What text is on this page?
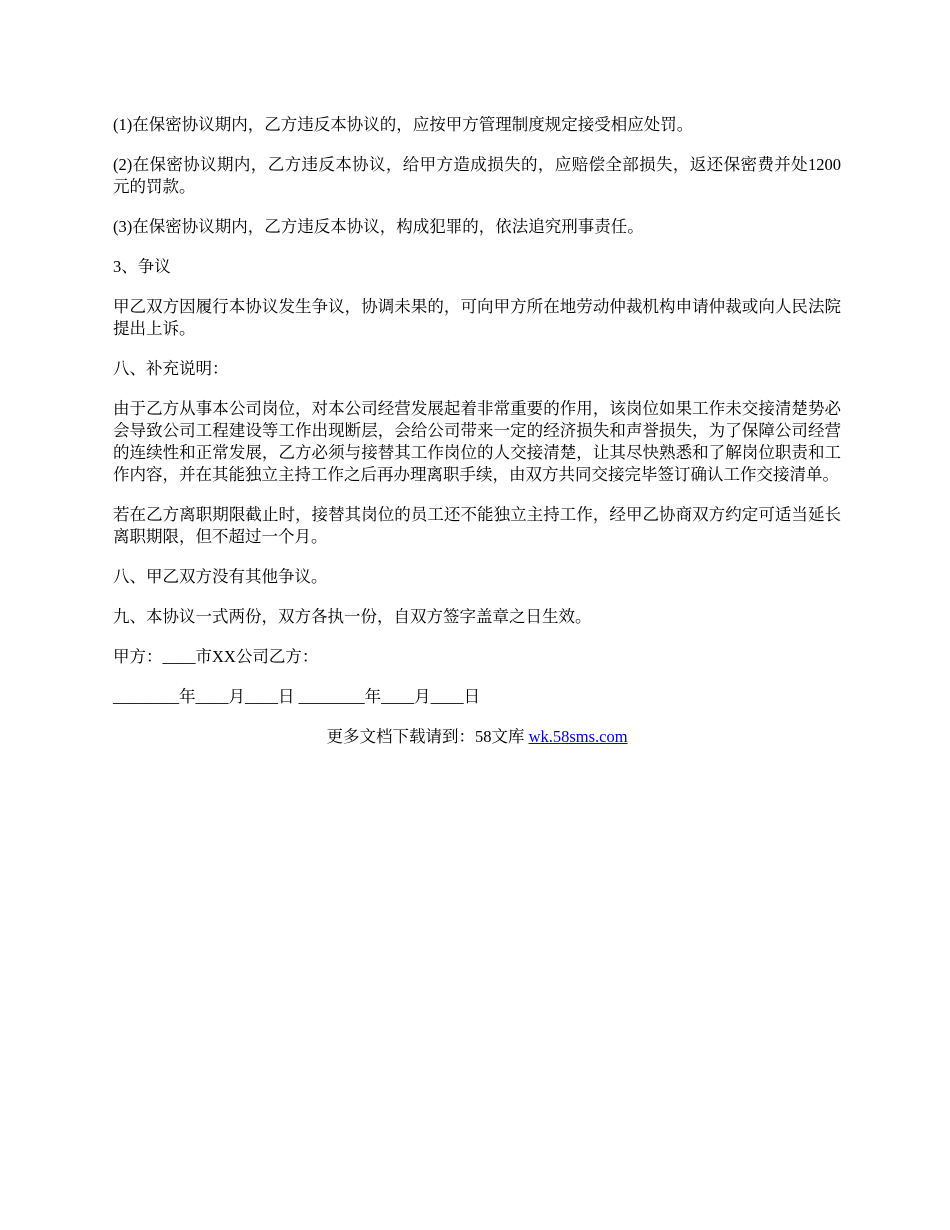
(1)在保密协议期内，乙方违反本协议的，应按甲方管理制度规定接受相应处罚。

(2)在保密协议期内，乙方违反本协议，给甲方造成损失的，应赔偿全部损失，返还保密费并处1200元的罚款。

(3)在保密协议期内，乙方违反本协议，构成犯罪的，依法追究刑事责任。

3、争议

甲乙双方因履行本协议发生争议，协调未果的，可向甲方所在地劳动仲裁机构申请仲裁或向人民法院提出上诉。

八、补充说明：

由于乙方从事本公司岗位，对本公司经营发展起着非常重要的作用，该岗位如果工作未交接清楚势必会导致公司工程建设等工作出现断层，会给公司带来一定的经济损失和声誉损失，为了保障公司经营的连续性和正常发展，乙方必须与接替其工作岗位的人交接清楚，让其尽快熟悉和了解岗位职责和工作内容，并在其能独立主持工作之后再办理离职手续，由双方共同交接完毕签订确认工作交接清单。

若在乙方离职期限截止时，接替其岗位的员工还不能独立主持工作，经甲乙协商双方约定可适当延长离职期限，但不超过一个月。

八、甲乙双方没有其他争议。

九、本协议一式两份，双方各执一份，自双方签字盖章之日生效。

甲方：____市XX公司乙方：

________年____月____日 ________年____月____日

更多文档下载请到：58文库 wk.58sms.com
